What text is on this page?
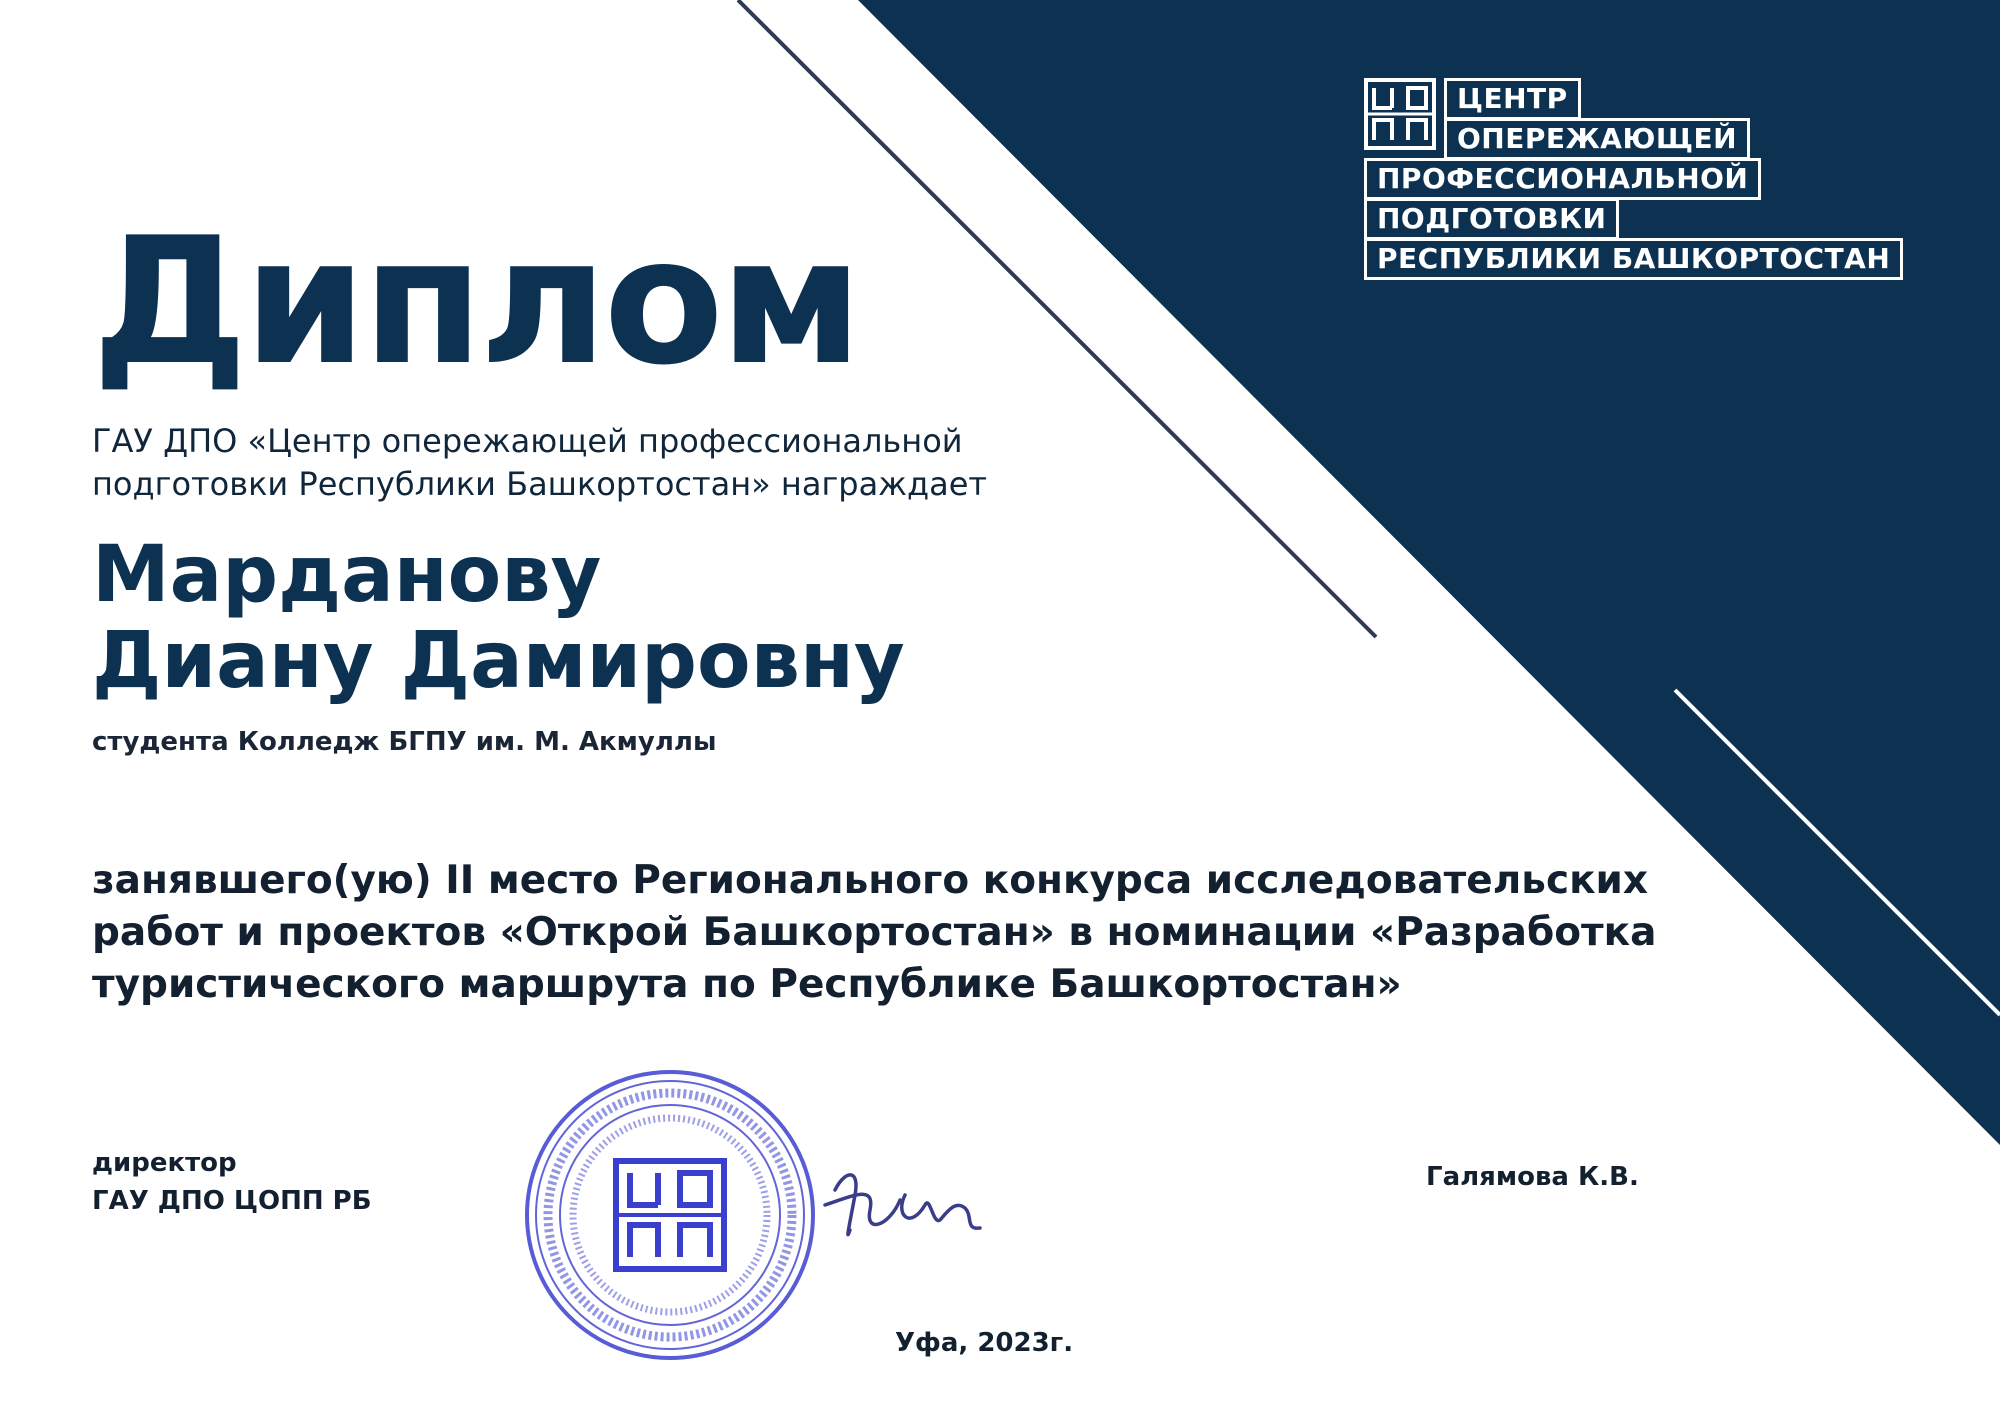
ЦЕНТР
ОПЕРЕЖАЮЩЕЙ
ПРОФЕССИОНАЛЬНОЙ
ПОДГОТОВКИ
РЕСПУБЛИКИ БАШКОРТОСТАН
Диплом
ГАУ ДПО «Центр опережающей профессиональной подготовки Республики Башкортостан» награждает
Марданову
Диану Дамировну
студента Колледж БГПУ им. М. Акмуллы
занявшего(ую) II место Регионального конкурса исследовательских работ и проектов «Открой Башкортостан» в номинации «Разработка туристического маршрута по Республике Башкортостан»
директор
ГАУ ДПО ЦОПП РБ
Галямова К.В.
Уфа, 2023г.
